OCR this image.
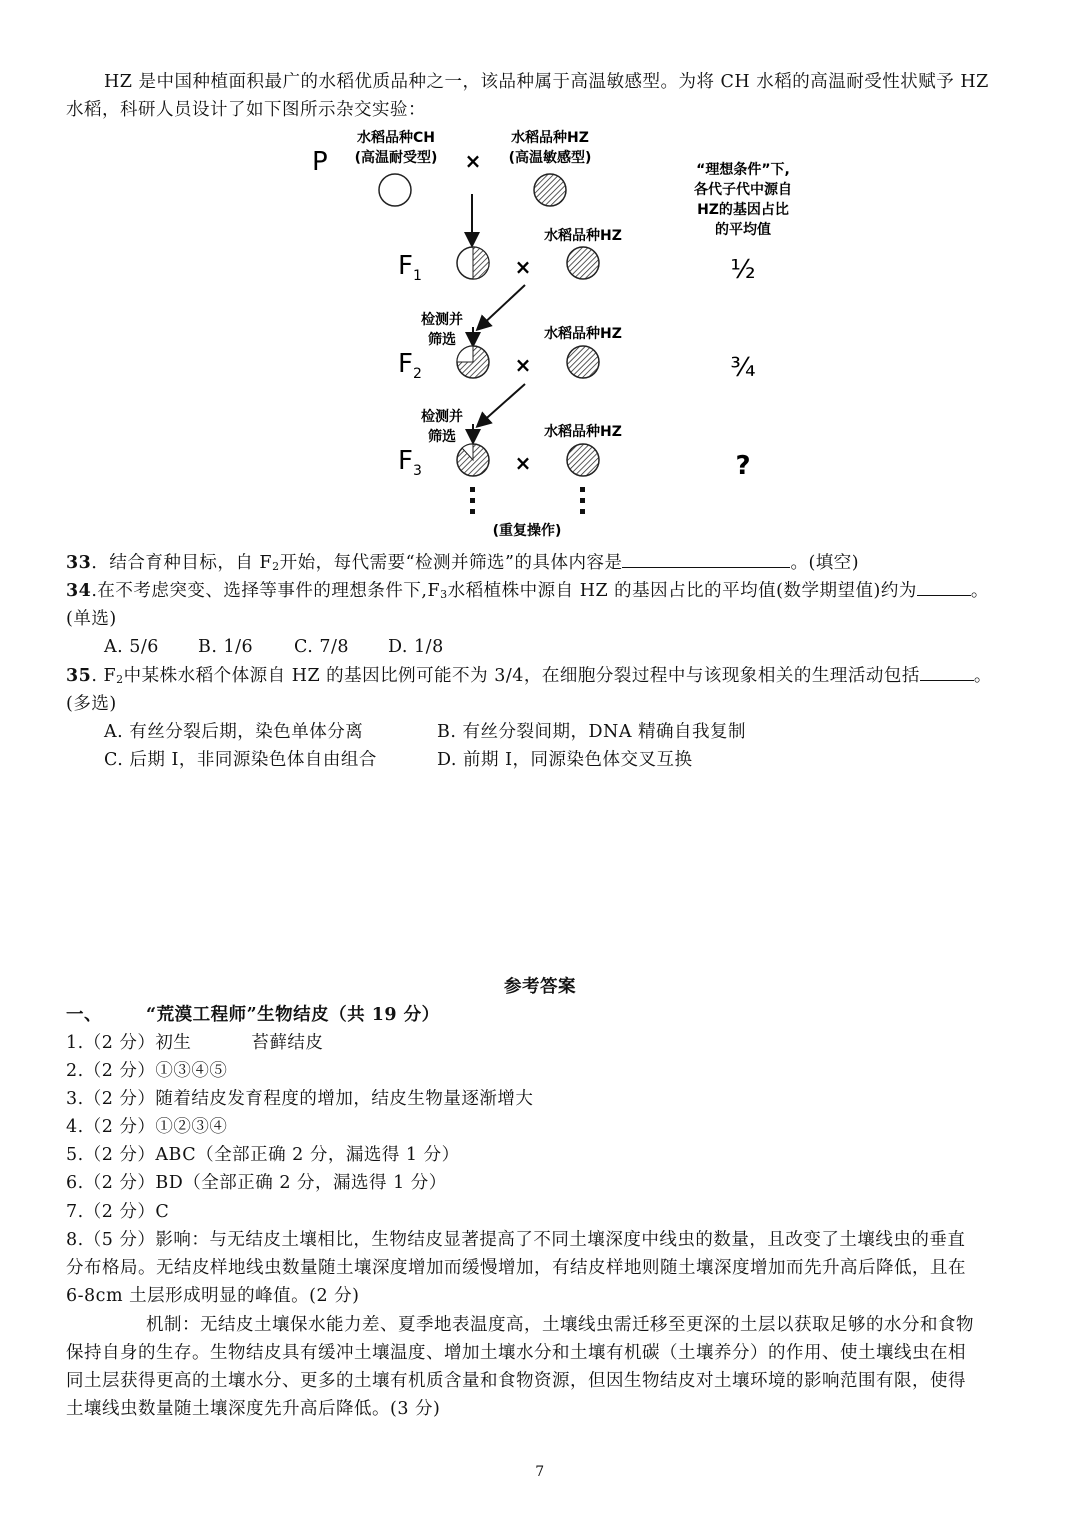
HZ 是中国种植面积最广的水稻优质品种之一，该品种属于高温敏感型。为将 CH 水稻的高温耐受性状赋予 HZ
水稻，科研人员设计了如下图所示杂交实验：
P
水稻品种CH
(高温耐受型) ×
水稻品种HZ
(高温敏感型)
“理想条件”下,
各代子代中源自
HZ的基因占比
的平均值
$F_1$	×
水稻品种HZ
½
检测并
筛选
$F_2$	×
水稻品种HZ
¾
检测并
筛选
$F_3$	×
水稻品种HZ
?
(重复操作)
33．结合育种目标，自 $F_2$开始，每代需要“检测并筛选”的具体内容是	。(填空)
34.在不考虑突变、选择等事件的理想条件下$,F_3$水稻植株中源自 HZ 的基因占比的平均值(数学期望值)约为	。
(单选)
A. 5/6 B. 1/6 C. 7/8 D. 1/8
35. $F_2$中某株水稻个体源自 HZ 的基因比例可能不为 3/4，在细胞分裂过程中与该现象相关的生理活动包括	。
(多选)
A. 有丝分裂后期，染色单体分离	B. 有丝分裂间期，DNA 精确自我复制
C. 后期 I，非同源染色体自由组合	D. 前期 I，同源染色体交叉互换
参考答案
一、	“荒漠工程师”生物结皮（共 19 分）
1.（2 分）初生	苔藓结皮
2.（2 分）①③④⑤
3.（2 分）随着结皮发育程度的增加，结皮生物量逐渐增大
4.（2 分）①②③④
5.（2 分）ABC（全部正确 2 分，漏选得 1 分）
6.（2 分）BD（全部正确 2 分，漏选得 1 分）
7.（2 分）C
8.（5 分）影响：与无结皮土壤相比，生物结皮显著提高了不同土壤深度中线虫的数量，且改变了土壤线虫的垂直
分布格局。无结皮样地线虫数量随土壤深度增加而缓慢增加，有结皮样地则随土壤深度增加而先升高后降低，且在
6-8cm 土层形成明显的峰值。(2 分)
机制：无结皮土壤保水能力差、夏季地表温度高，土壤线虫需迁移至更深的土层以获取足够的水分和食物
保持自身的生存。生物结皮具有缓冲土壤温度、增加土壤水分和土壤有机碳（土壤养分）的作用、使土壤线虫在相
同土层获得更高的土壤水分、更多的土壤有机质含量和食物资源，但因生物结皮对土壤环境的影响范围有限，使得
土壤线虫数量随土壤深度先升高后降低。(3 分)
7
